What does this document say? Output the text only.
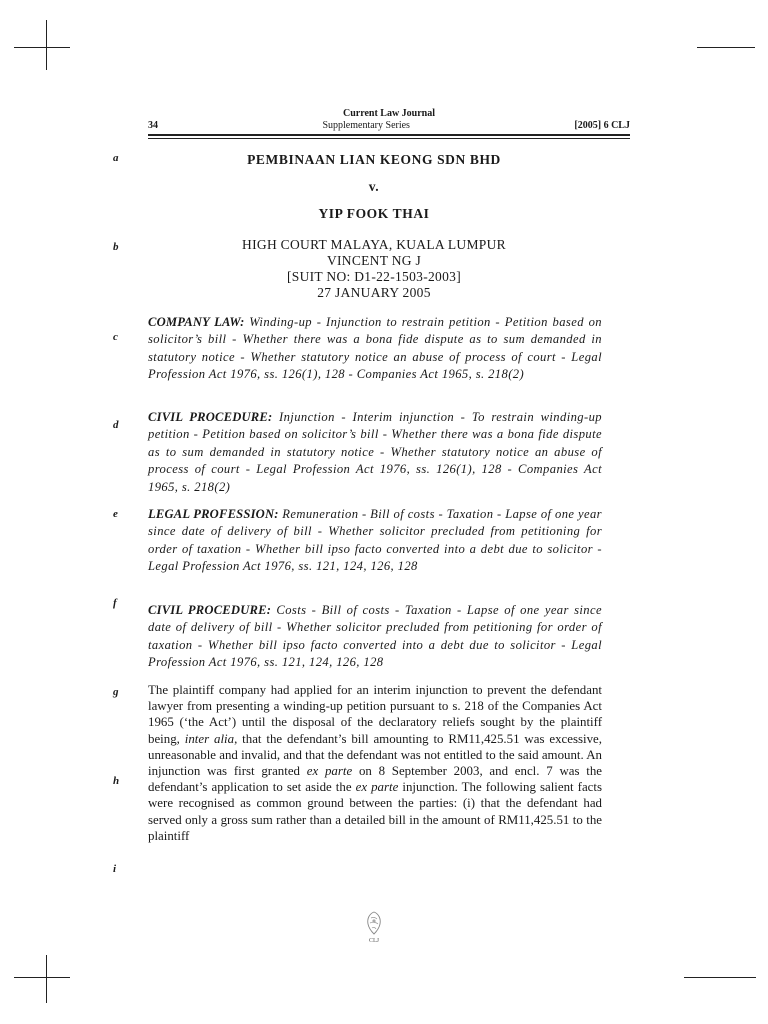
Current Law Journal
34	Supplementary Series	[2005] 6 CLJ
a
b
c
d
e
f
g
h
i
PEMBINAAN LIAN KEONG SDN BHD
v.
YIP FOOK THAI
HIGH COURT MALAYA, KUALA LUMPUR
VINCENT NG J
[SUIT NO: D1-22-1503-2003]
27 JANUARY 2005
COMPANY LAW: Winding-up - Injunction to restrain petition - Petition based on solicitor’s bill - Whether there was a bona fide dispute as to sum demanded in statutory notice - Whether statutory notice an abuse of process of court - Legal Profession Act 1976, ss. 126(1), 128 - Companies Act 1965, s. 218(2)
CIVIL PROCEDURE: Injunction - Interim injunction - To restrain winding-up petition - Petition based on solicitor’s bill - Whether there was a bona fide dispute as to sum demanded in statutory notice - Whether statutory notice an abuse of process of court - Legal Profession Act 1976, ss. 126(1), 128 - Companies Act 1965, s. 218(2)
LEGAL PROFESSION: Remuneration - Bill of costs - Taxation - Lapse of one year since date of delivery of bill - Whether solicitor precluded from petitioning for order of taxation - Whether bill ipso facto converted into a debt due to solicitor - Legal Profession Act 1976, ss. 121, 124, 126, 128
CIVIL PROCEDURE: Costs - Bill of costs - Taxation - Lapse of one year since date of delivery of bill - Whether solicitor precluded from petitioning for order of taxation - Whether bill ipso facto converted into a debt due to solicitor - Legal Profession Act 1976, ss. 121, 124, 126, 128

The plaintiff company had applied for an interim injunction to prevent the defendant lawyer from presenting a winding-up petition pursuant to s. 218 of the Companies Act 1965 (‘the Act’) until the disposal of the declaratory reliefs sought by the plaintiff being, inter alia, that the defendant’s bill amounting to RM11,425.51 was excessive, unreasonable and invalid, and that the defendant was not entitled to the said amount. An injunction was first granted ex parte on 8 September 2003, and encl. 7 was the defendant’s application to set aside the ex parte injunction. The following salient facts were recognised as common ground between the parties: (i) that the defendant had served only a gross sum rather than a detailed bill in the amount of RM11,425.51 to the plaintiff

CLJ
